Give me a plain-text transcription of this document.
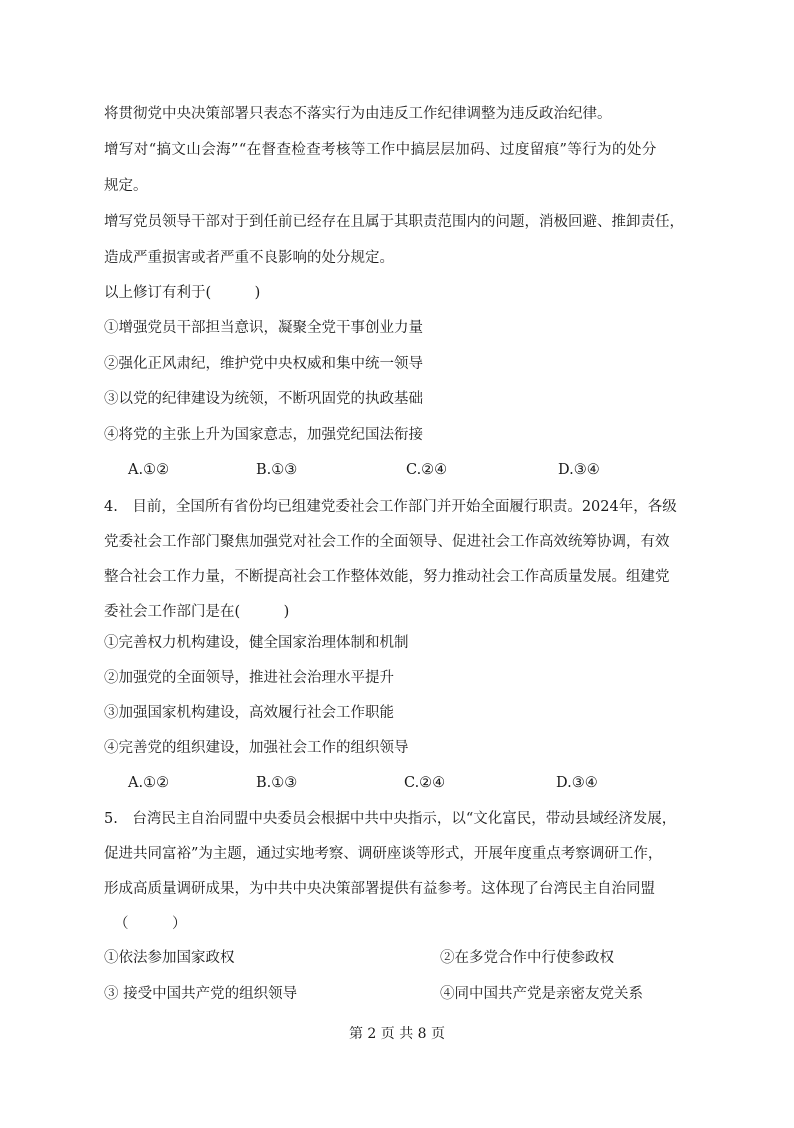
将贯彻党中央决策部署只表态不落实行为由违反工作纪律调整为违反政治纪律。
增写对“搞文山会海”“在督查检查考核等工作中搞层层加码、过度留痕”等行为的处分
规定。
增写党员领导干部对于到任前已经存在且属于其职责范围内的问题，消极回避、推卸责任，
造成严重损害或者严重不良影响的处分规定。
以上修订有利于(　　　)
①增强党员干部担当意识，凝聚全党干事创业力量
②强化正风肃纪，维护党中央权威和集中统一领导
③以党的纪律建设为统领，不断巩固党的执政基础
④将党的主张上升为国家意志，加强党纪国法衔接
A.①②	B.①③	C.②④	D.③④
4.　目前，全国所有省份均已组建党委社会工作部门并开始全面履行职责。2024年，各级
党委社会工作部门聚焦加强党对社会工作的全面领导、促进社会工作高效统筹协调，有效
整合社会工作力量，不断提高社会工作整体效能，努力推动社会工作高质量发展。组建党
委社会工作部门是在(　　　)
①完善权力机构建设，健全国家治理体制和机制
②加强党的全面领导，推进社会治理水平提升
③加强国家机构建设，高效履行社会工作职能
④完善党的组织建设，加强社会工作的组织领导
A.①②	B.①③	C.②④	D.③④
5.　台湾民主自治同盟中央委员会根据中共中央指示，以“文化富民，带动县域经济发展，
促进共同富裕”为主题，通过实地考察、调研座谈等形式，开展年度重点考察调研工作，
形成高质量调研成果，为中共中央决策部署提供有益参考。这体现了台湾民主自治同盟
（　　　）
①依法参加国家政权	②在多党合作中行使参政权
③ 接受中国共产党的组织领导	④同中国共产党是亲密友党关系
第 2 页 共 8 页
